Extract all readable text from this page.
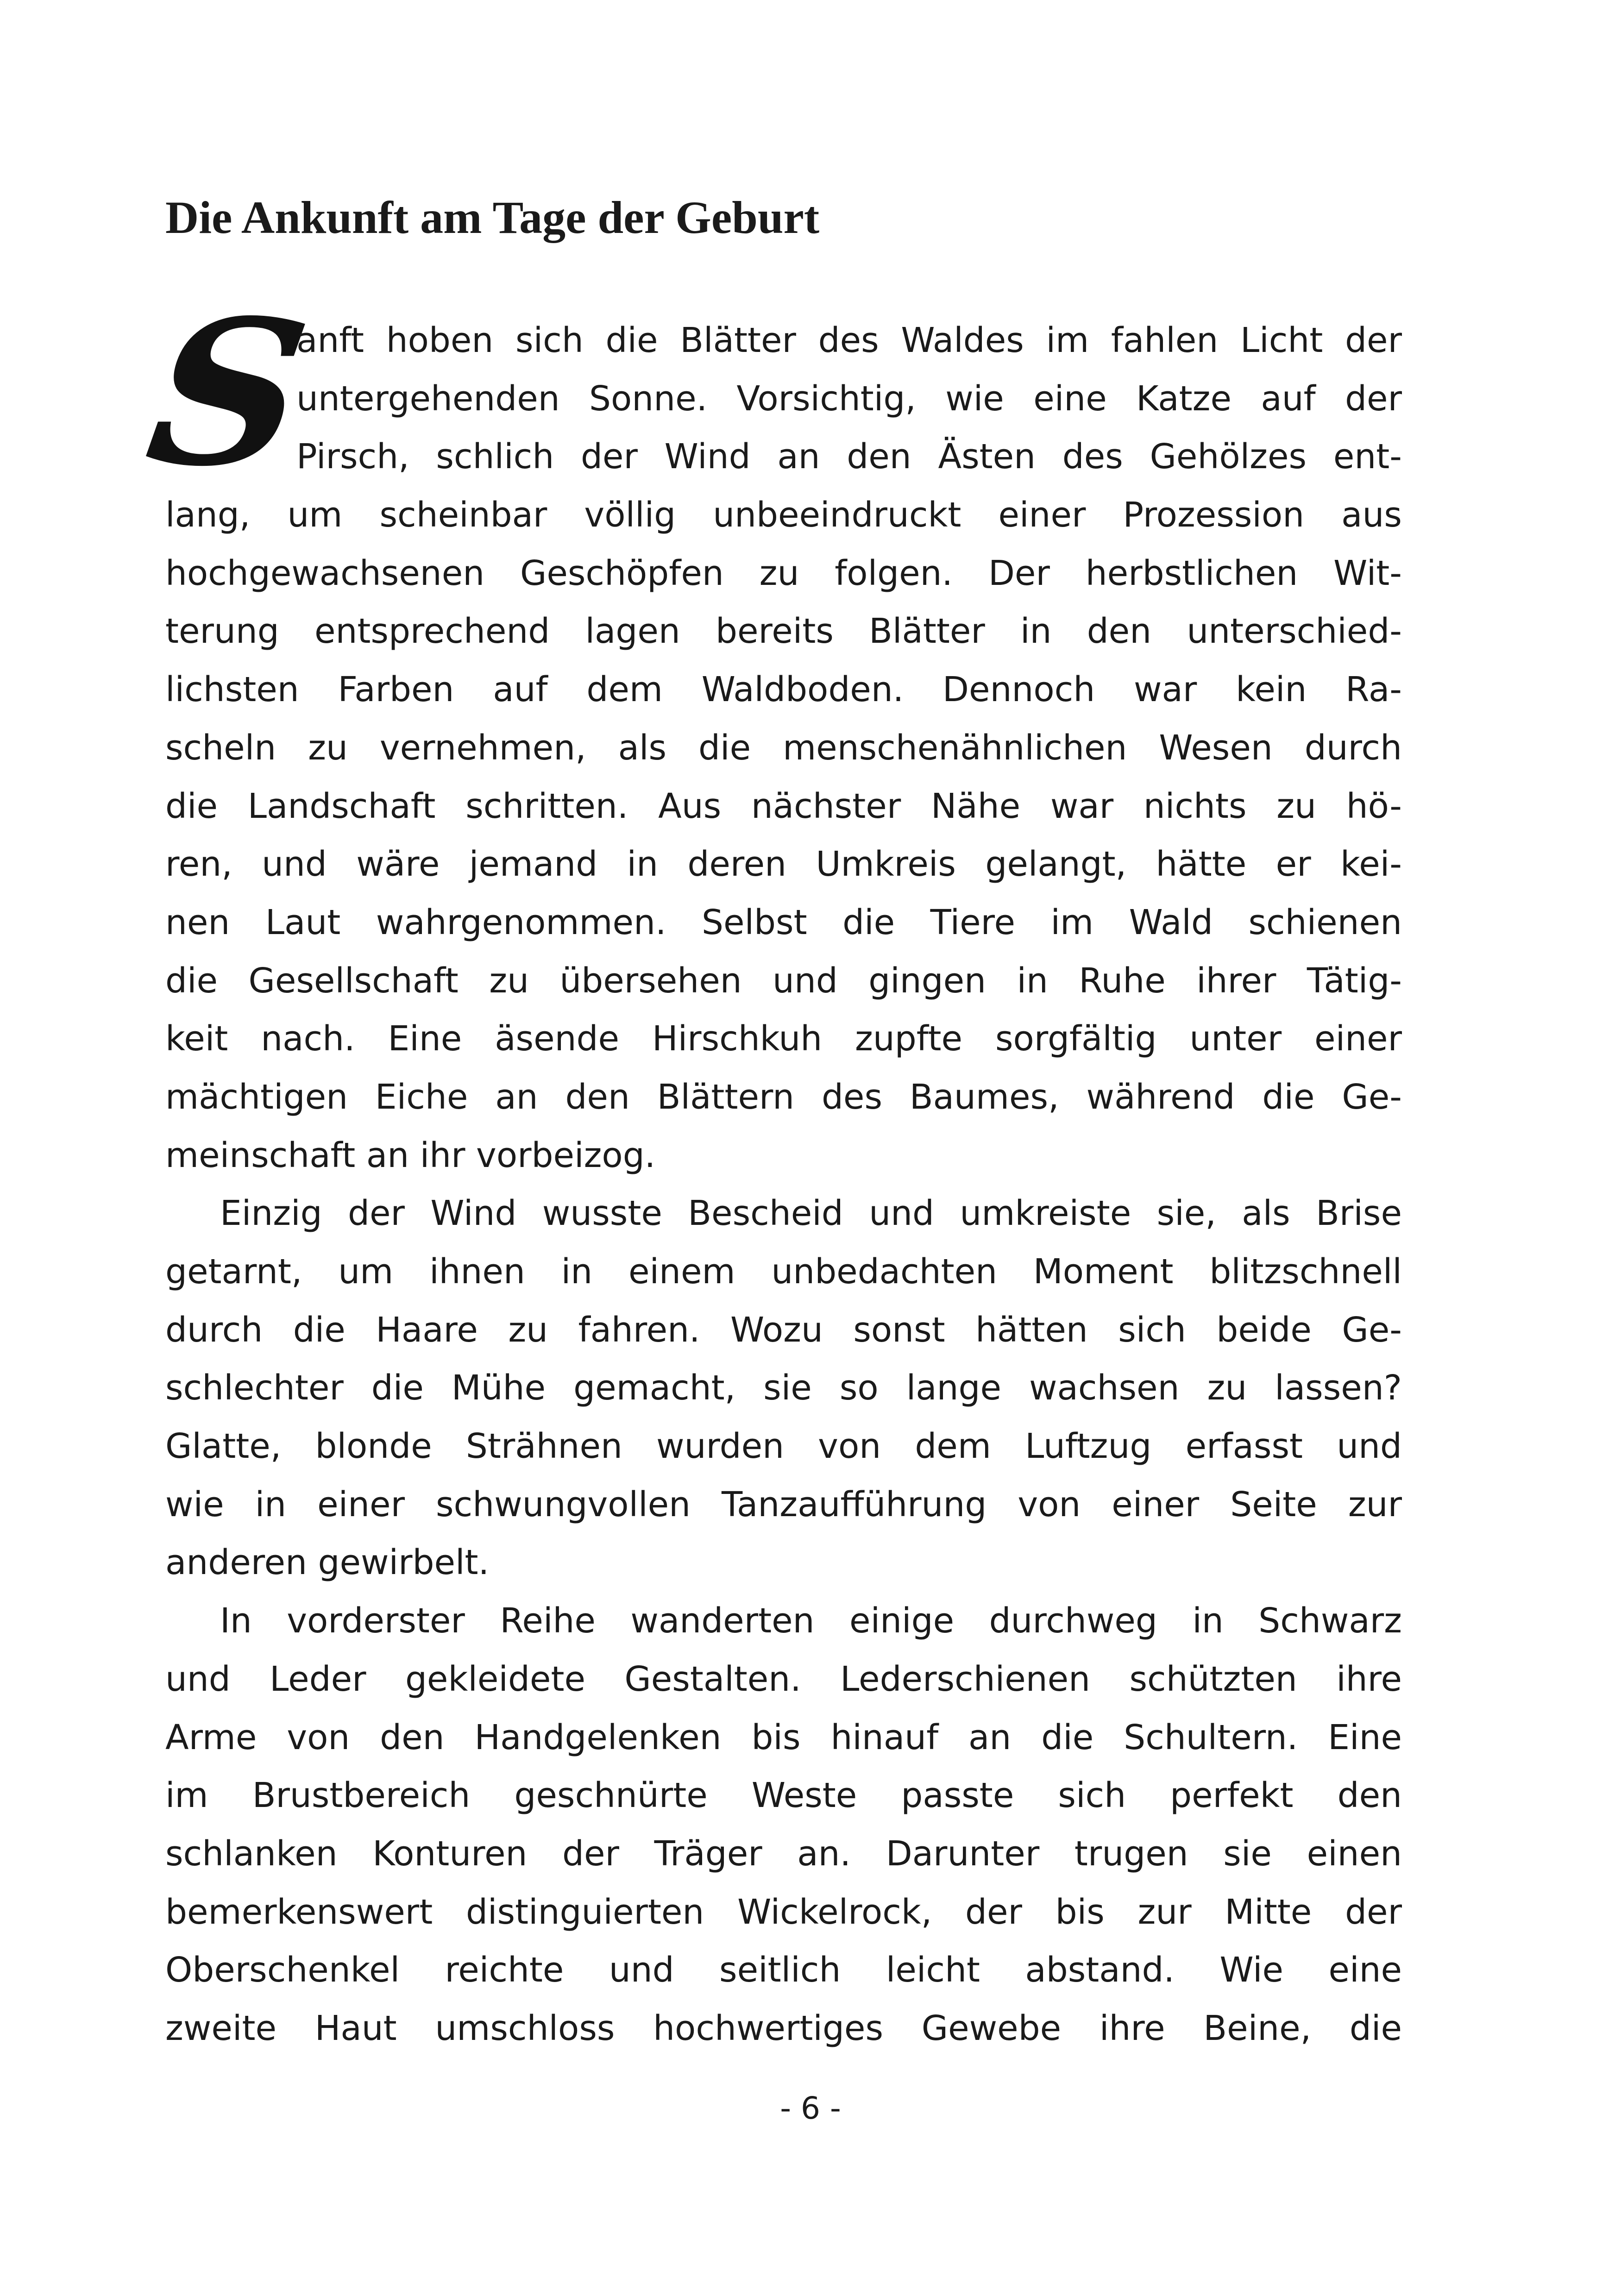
Die Ankunft am Tage der Geburt
S
anft hoben sich die Blätter des Waldes im fahlen Licht der
untergehenden Sonne. Vorsichtig, wie eine Katze auf der
Pirsch, schlich der Wind an den Ästen des Gehölzes ent-
lang, um scheinbar völlig unbeeindruckt einer Prozession aus
hochgewachsenen Geschöpfen zu folgen. Der herbstlichen Wit-
terung entsprechend lagen bereits Blätter in den unterschied-
lichsten Farben auf dem Waldboden. Dennoch war kein Ra-
scheln zu vernehmen, als die menschenähnlichen Wesen durch
die Landschaft schritten. Aus nächster Nähe war nichts zu hö-
ren, und wäre jemand in deren Umkreis gelangt, hätte er kei-
nen Laut wahrgenommen. Selbst die Tiere im Wald schienen
die Gesellschaft zu übersehen und gingen in Ruhe ihrer Tätig-
keit nach. Eine äsende Hirschkuh zupfte sorgfältig unter einer
mächtigen Eiche an den Blättern des Baumes, während die Ge-
meinschaft an ihr vorbeizog.
Einzig der Wind wusste Bescheid und umkreiste sie, als Brise
getarnt, um ihnen in einem unbedachten Moment blitzschnell
durch die Haare zu fahren. Wozu sonst hätten sich beide Ge-
schlechter die Mühe gemacht, sie so lange wachsen zu lassen?
Glatte, blonde Strähnen wurden von dem Luftzug erfasst und
wie in einer schwungvollen Tanzaufführung von einer Seite zur
anderen gewirbelt.
In vorderster Reihe wanderten einige durchweg in Schwarz
und Leder gekleidete Gestalten. Lederschienen schützten ihre
Arme von den Handgelenken bis hinauf an die Schultern. Eine
im Brustbereich geschnürte Weste passte sich perfekt den
schlanken Konturen der Träger an. Darunter trugen sie einen
bemerkenswert distinguierten Wickelrock, der bis zur Mitte der
Oberschenkel reichte und seitlich leicht abstand. Wie eine
zweite Haut umschloss hochwertiges Gewebe ihre Beine, die
- 6 -
